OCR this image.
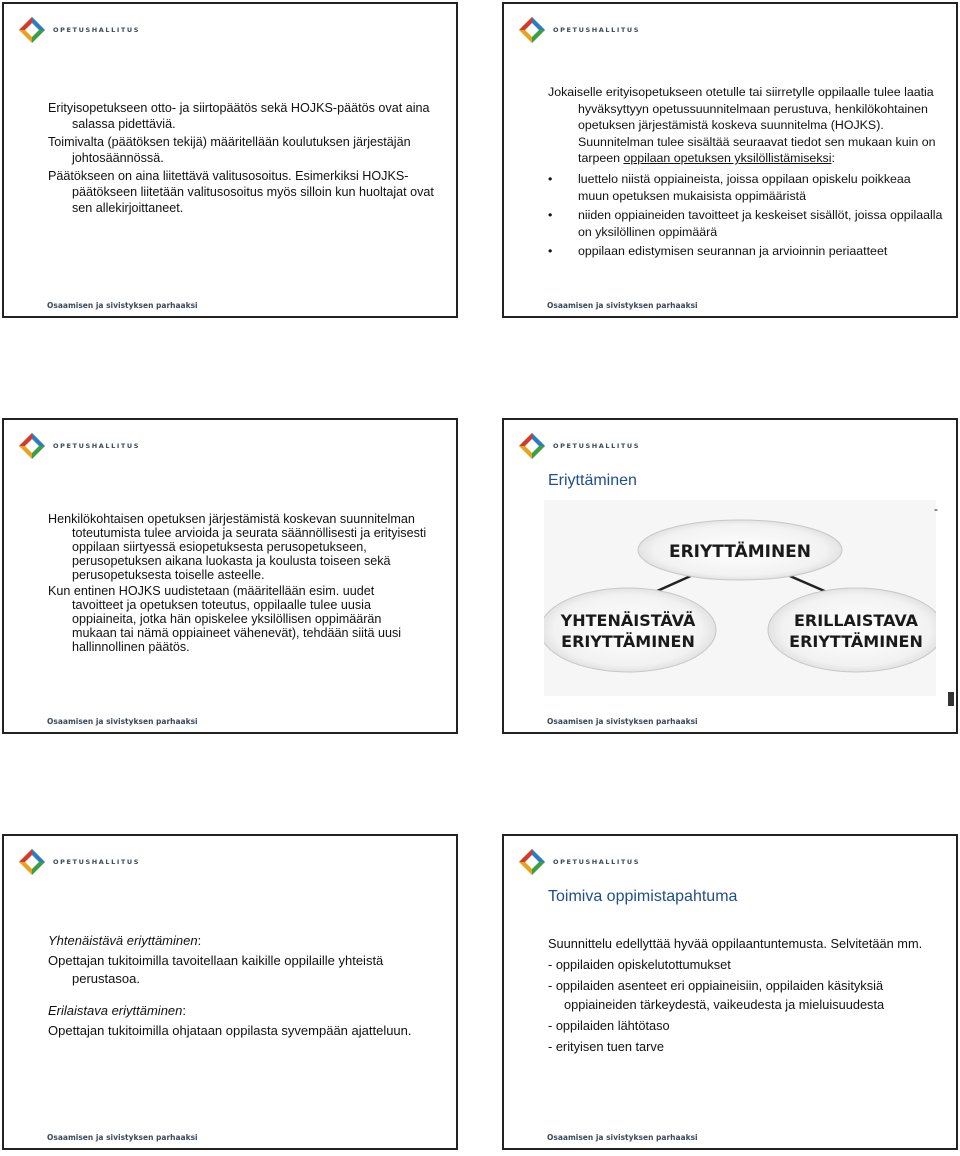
OPETUSHALLITUS

Erityisopetukseen otto- ja siirtopäätös sekä HOJKS-päätös ovat aina salassa pidettäviä.

Toimivalta (päätöksen tekijä) määritellään koulutuksen järjestäjän johtosäännössä.

Päätökseen on aina liitettävä valitusosoitus. Esimerkiksi HOJKS-päätökseen liitetään valitusosoitus myös silloin kun huoltajat ovat sen allekirjoittaneet.

Osaamisen ja sivistyksen parhaaksi
OPETUSHALLITUS

Jokaiselle erityisopetukseen otetulle tai siirretylle oppilaalle tulee laatia hyväksyttyyn opetussuunnitelmaan perustuva, henkilökohtainen opetuksen järjestämistä koskeva suunnitelma (HOJKS). Suunnitelman tulee sisältää seuraavat tiedot sen mukaan kuin on tarpeen oppilaan opetuksen yksilöllistämiseksi:

•	luettelo niistä oppiaineista, joissa oppilaan opiskelu poikkeaa muun opetuksen mukaisista oppimääristä
•	niiden oppiaineiden tavoitteet ja keskeiset sisällöt, joissa oppilaalla on yksilöllinen oppimäärä
•	oppilaan edistymisen seurannan ja arvioinnin periaatteet
Osaamisen ja sivistyksen parhaaksi
OPETUSHALLITUS

Henkilökohtaisen opetuksen järjestämistä koskevan suunnitelman toteutumista tulee arvioida ja seurata säännöllisesti ja erityisesti oppilaan siirtyessä esiopetuksesta perusopetukseen, perusopetuksen aikana luokasta ja koulusta toiseen sekä perusopetuksesta toiselle asteelle.

Kun entinen HOJKS uudistetaan (määritellään esim. uudet tavoitteet ja opetuksen toteutus, oppilaalle tulee uusia oppiaineita, jotka hän opiskelee yksilöllisen oppimäärän mukaan tai nämä oppiaineet vähenevät), tehdään siitä uusi hallinnollinen päätös.

Osaamisen ja sivistyksen parhaaksi
OPETUSHALLITUS
Eriyttäminen
ERIYTTÄMINEN
YHTENÄISTÄVÄ
ERIYTTÄMINEN
ERILLAISTAVA
ERIYTTÄMINEN
-
Osaamisen ja sivistyksen parhaaksi
OPETUSHALLITUS
Yhtenäistävä eriyttäminen:

Opettajan tukitoimilla tavoitellaan kaikille oppilaille yhteistä perustasoa.

Erilaistava eriyttäminen:

Opettajan tukitoimilla ohjataan oppilasta syvempään ajatteluun.

Osaamisen ja sivistyksen parhaaksi
OPETUSHALLITUS
Toimiva oppimistapahtuma

Suunnittelu edellyttää hyvää oppilaantuntemusta. Selvitetään mm.

- oppilaiden opiskelutottumukset

- oppilaiden asenteet eri oppiaineisiin, oppilaiden käsityksiä oppiaineiden tärkeydestä, vaikeudesta ja mieluisuudesta

- oppilaiden lähtötaso

- erityisen tuen tarve

Osaamisen ja sivistyksen parhaaksi
